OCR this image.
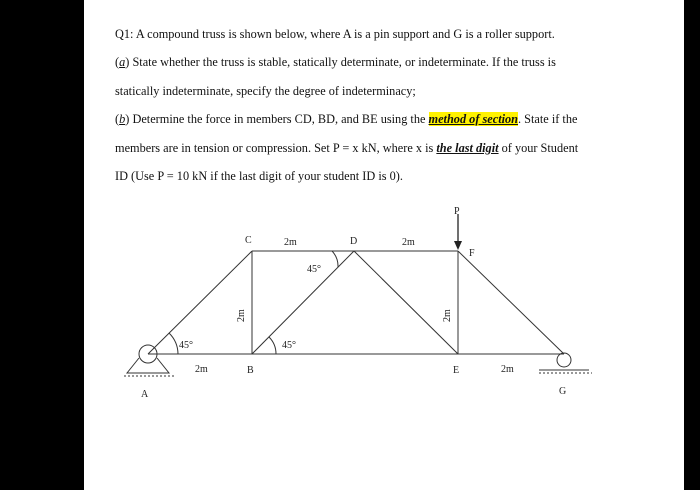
Q1: A compound truss is shown below, where A is a pin support and G is a roller support.
(a) State whether the truss is stable, statically determinate, or indeterminate. If the truss is
statically indeterminate, specify the degree of indeterminacy;
(b) Determine the force in members CD, BD, and BE using the method of section. State if the
members are in tension or compression. Set P = x kN, where x is the last digit of your Student
ID (Use P = 10 kN if the last digit of your student ID is 0).
A
C	D
F
B	E
G
P
2m
2m	2m
2m
2m	2m
45°
45°
45°
